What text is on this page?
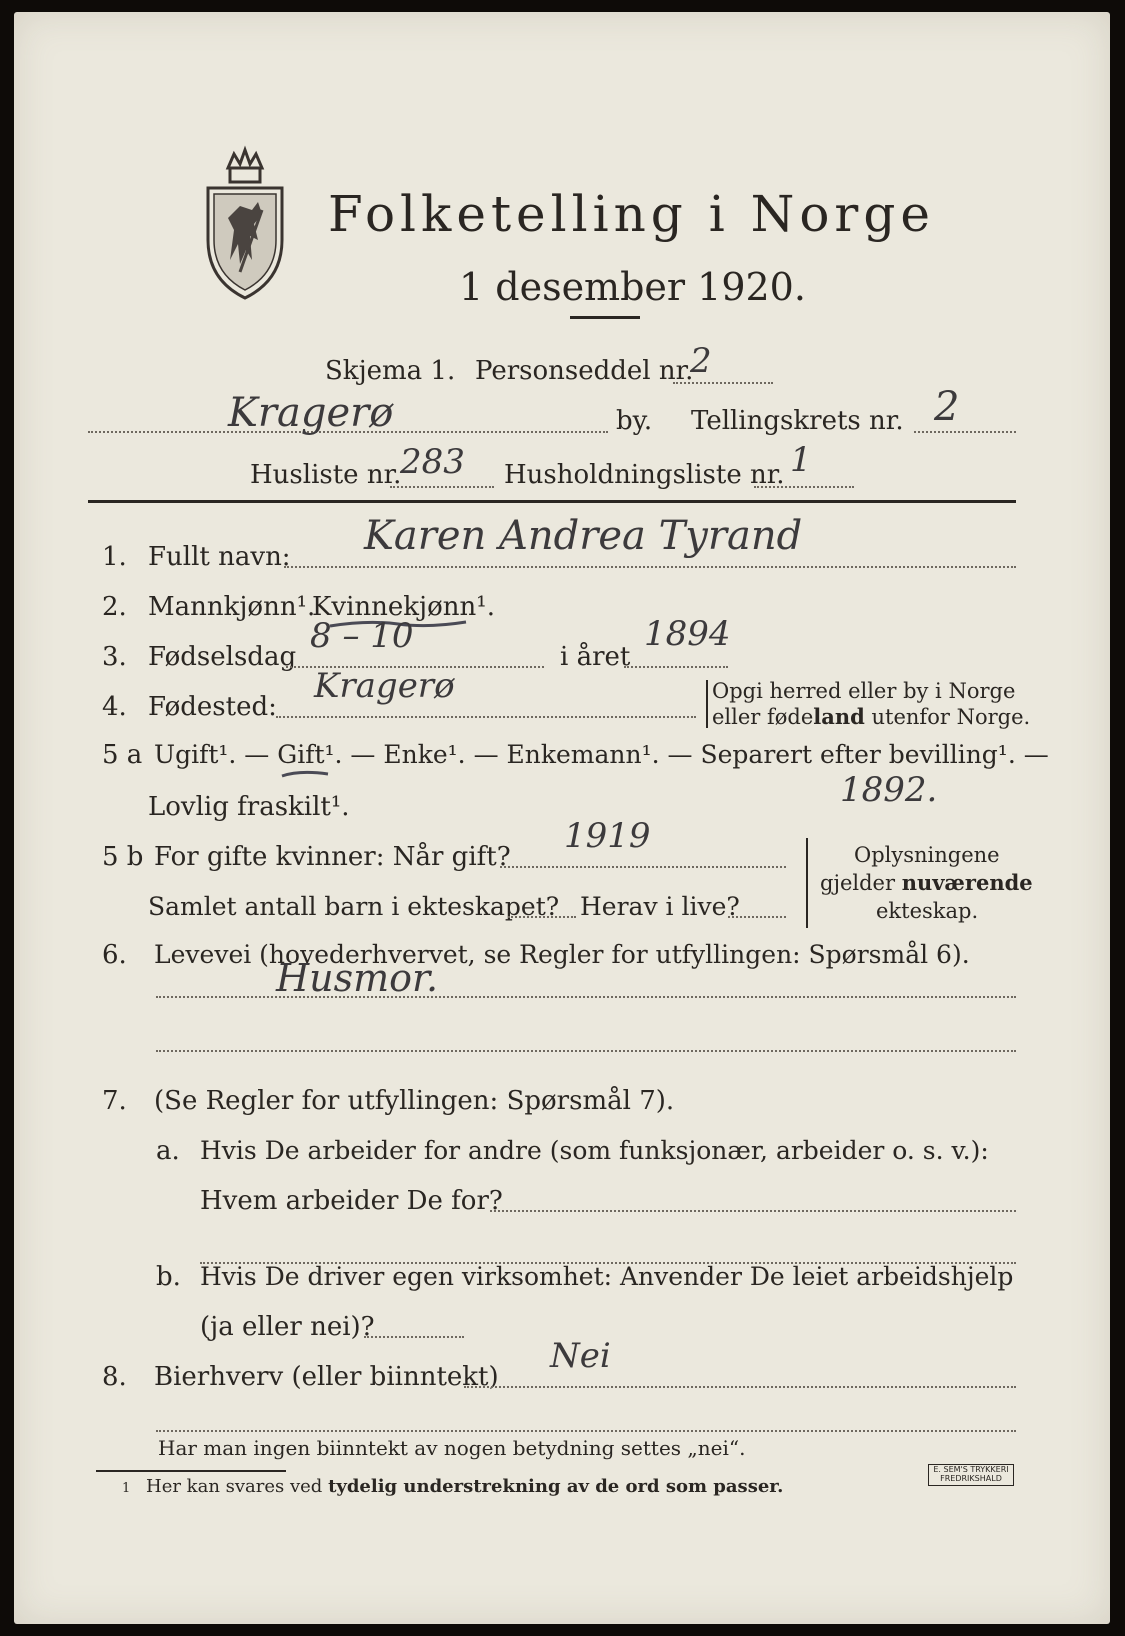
Folketelling i Norge
1 desember 1920.
Skjema 1. Personseddel nr.
2
Kragerø	by. Tellingskrets nr. 2
Husliste nr.
283 Husholdningsliste nr. 1
1. Fullt navn: Karen Andrea Tyrand
2. Mannkjønn¹.
Kvinnekjønn¹.
3. Fødselsdag
8 – 10
i året
1894
4. Fødested:
Kragerø	Opgi herred eller by i Norge
eller fødeland utenfor Norge.
5 a Ugift¹. — Gift¹. — Enke¹. — Enkemann¹. — Separert efter bevilling¹. —
Lovlig fraskilt¹.	1892.
5 b For gifte kvinner: Når gift?
1919
Samlet antall barn i ekteskapet? Herav i live?
Oplysningene
gjelder nuværende
ekteskap.
6. Levevei (hovederhvervet, se Regler for utfyllingen: Spørsmål 6).
Husmor.
7. (Se Regler for utfyllingen: Spørsmål 7).
a. Hvis De arbeider for andre (som funksjonær, arbeider o. s. v.):
Hvem arbeider De for?
b. Hvis De driver egen virksomhet: Anvender De leiet arbeidshjelp
(ja eller nei)?
8. Bierhverv (eller biinntekt)
Nei
Har man ingen biinntekt av nogen betydning settes „nei“.
1 Her kan svares ved tydelig understrekning av de ord som passer.
E. SEM'S TRYKKERI
FREDRIKSHALD
